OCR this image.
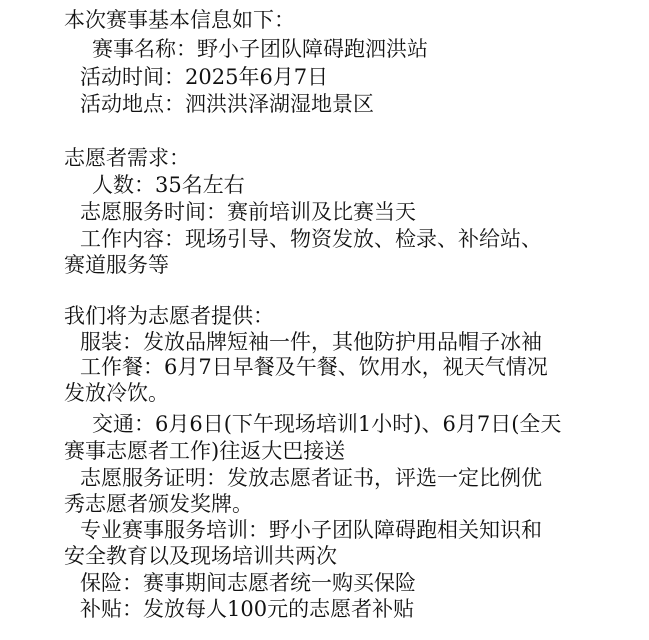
本次赛事基本信息如下：
赛事名称：野小子团队障碍跑泗洪站
活动时间：2025年6月7日
活动地点：泗洪洪泽湖湿地景区
志愿者需求：
人数：35名左右
志愿服务时间：赛前培训及比赛当天
工作内容：现场引导、物资发放、检录、补给站、
赛道服务等
我们将为志愿者提供：
服装：发放品牌短袖一件，其他防护用品帽子冰袖
工作餐：6月7日早餐及午餐、饮用水，视天气情况
发放冷饮。
交通：6月6日(下午现场培训1小时)、6月7日(全天
赛事志愿者工作)往返大巴接送
志愿服务证明：发放志愿者证书，评选一定比例优
秀志愿者颁发奖牌。
专业赛事服务培训：野小子团队障碍跑相关知识和
安全教育以及现场培训共两次
保险：赛事期间志愿者统一购买保险
补贴：发放每人100元的志愿者补贴
